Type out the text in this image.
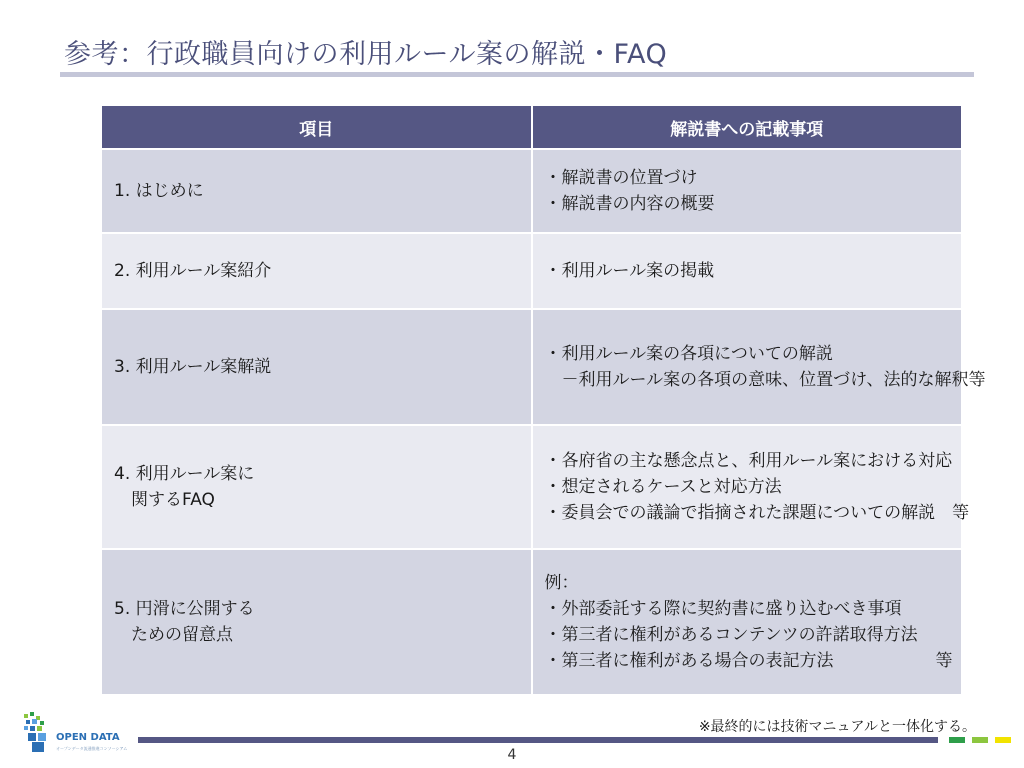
参考：行政職員向けの利用ルール案の解説・FAQ
項目	解説書への記載事項

1. はじめに	・解説書の位置づけ
・解説書の内容の概要

2. 利用ルール案紹介	・利用ルール案の掲載

3. 利用ルール案解説	・利用ルール案の各項についての解説
　－利用ルール案の各項の意味、位置づけ、法的な解釈等

4. 利用ルール案に
　関するFAQ	・各府省の主な懸念点と、利用ルール案における対応
・想定されるケースと対応方法
・委員会での議論で指摘された課題についての解説　等

5. 円滑に公開する
　ための留意点	例：
・外部委託する際に契約書に盛り込むべき事項
・第三者に権利があるコンテンツの許諾取得方法
・第三者に権利がある場合の表記方法　　　　　　等
OPEN DATA
オープンデータ流通推進コンソーシアム
※最終的には技術マニュアルと一体化する。
4
